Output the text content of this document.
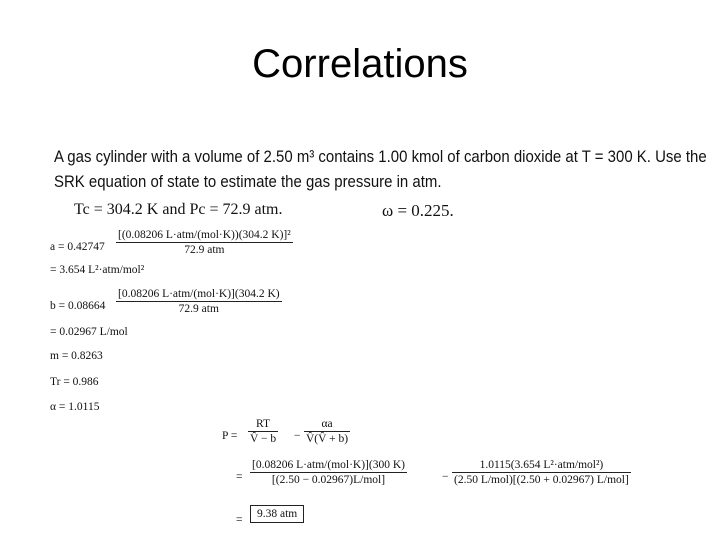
Correlations
A gas cylinder with a volume of 2.50 m³ contains 1.00 kmol of carbon dioxide at T = 300 K. Use the
SRK equation of state to estimate the gas pressure in atm.
Tc = 304.2 K and Pc = 72.9 atm.	ω = 0.225.
a = 0.42747
[(0.08206 L·atm/(mol·K))(304.2 K)]²
72.9 atm
= 3.654 L²·atm/mol²
b = 0.08664
[0.08206 L·atm/(mol·K)](304.2 K)
72.9 atm
= 0.02967 L/mol
m = 0.8263
Tr = 0.986
α = 1.0115
P =
RT
V̂ − b −
αa
V̂(V̂ + b)
=
[0.08206 L·atm/(mol·K)](300 K)
[(2.50 − 0.02967)L/mol]	−
1.0115(3.654 L²·atm/mol²)
(2.50 L/mol)[(2.50 + 0.02967) L/mol]
=	9.38 atm
